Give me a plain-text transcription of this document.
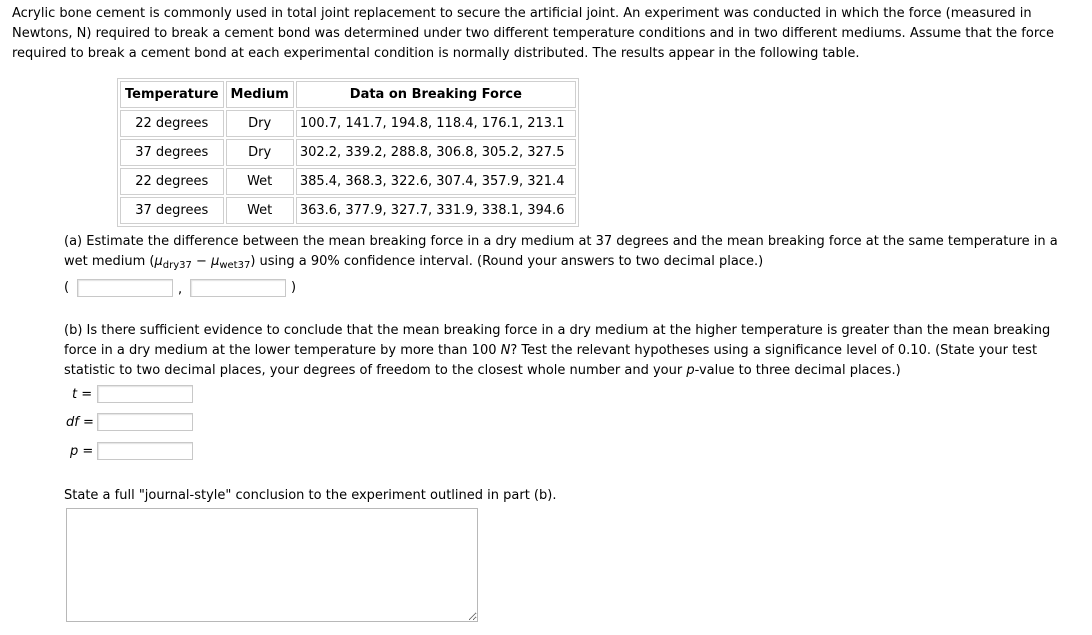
Acrylic bone cement is commonly used in total joint replacement to secure the artificial joint. An experiment was conducted in which the force (measured in Newtons, N) required to break a cement bond was determined under two different temperature conditions and in two different mediums. Assume that the force required to break a cement bond at each experimental condition is normally distributed. The results appear in the following table.

Temperature	Medium	Data on Breaking Force
22 degrees	Dry	100.7, 141.7, 194.8, 118.4, 176.1, 213.1
37 degrees	Dry	302.2, 339.2, 288.8, 306.8, 305.2, 327.5
22 degrees	Wet	385.4, 368.3, 322.6, 307.4, 357.9, 321.4
37 degrees	Wet	363.6, 377.9, 327.7, 331.9, 338.1, 394.6

(a) Estimate the difference between the mean breaking force in a dry medium at 37 degrees and the mean breaking force at the same temperature in a wet medium $(\mu_{dry37} - \mu_{wet37})$ using a 90% confidence interval. (Round your answers to two decimal place.)

(	,	)

(b) Is there sufficient evidence to conclude that the mean breaking force in a dry medium at the higher temperature is greater than the mean breaking force in a dry medium at the lower temperature by more than 100 N? Test the relevant hypotheses using a significance level of 0.10. (State your test statistic to two decimal places, your degrees of freedom to the closest whole number and your p-value to three decimal places.)

t =
df =
p =

State a full "journal-style" conclusion to the experiment outlined in part (b).
